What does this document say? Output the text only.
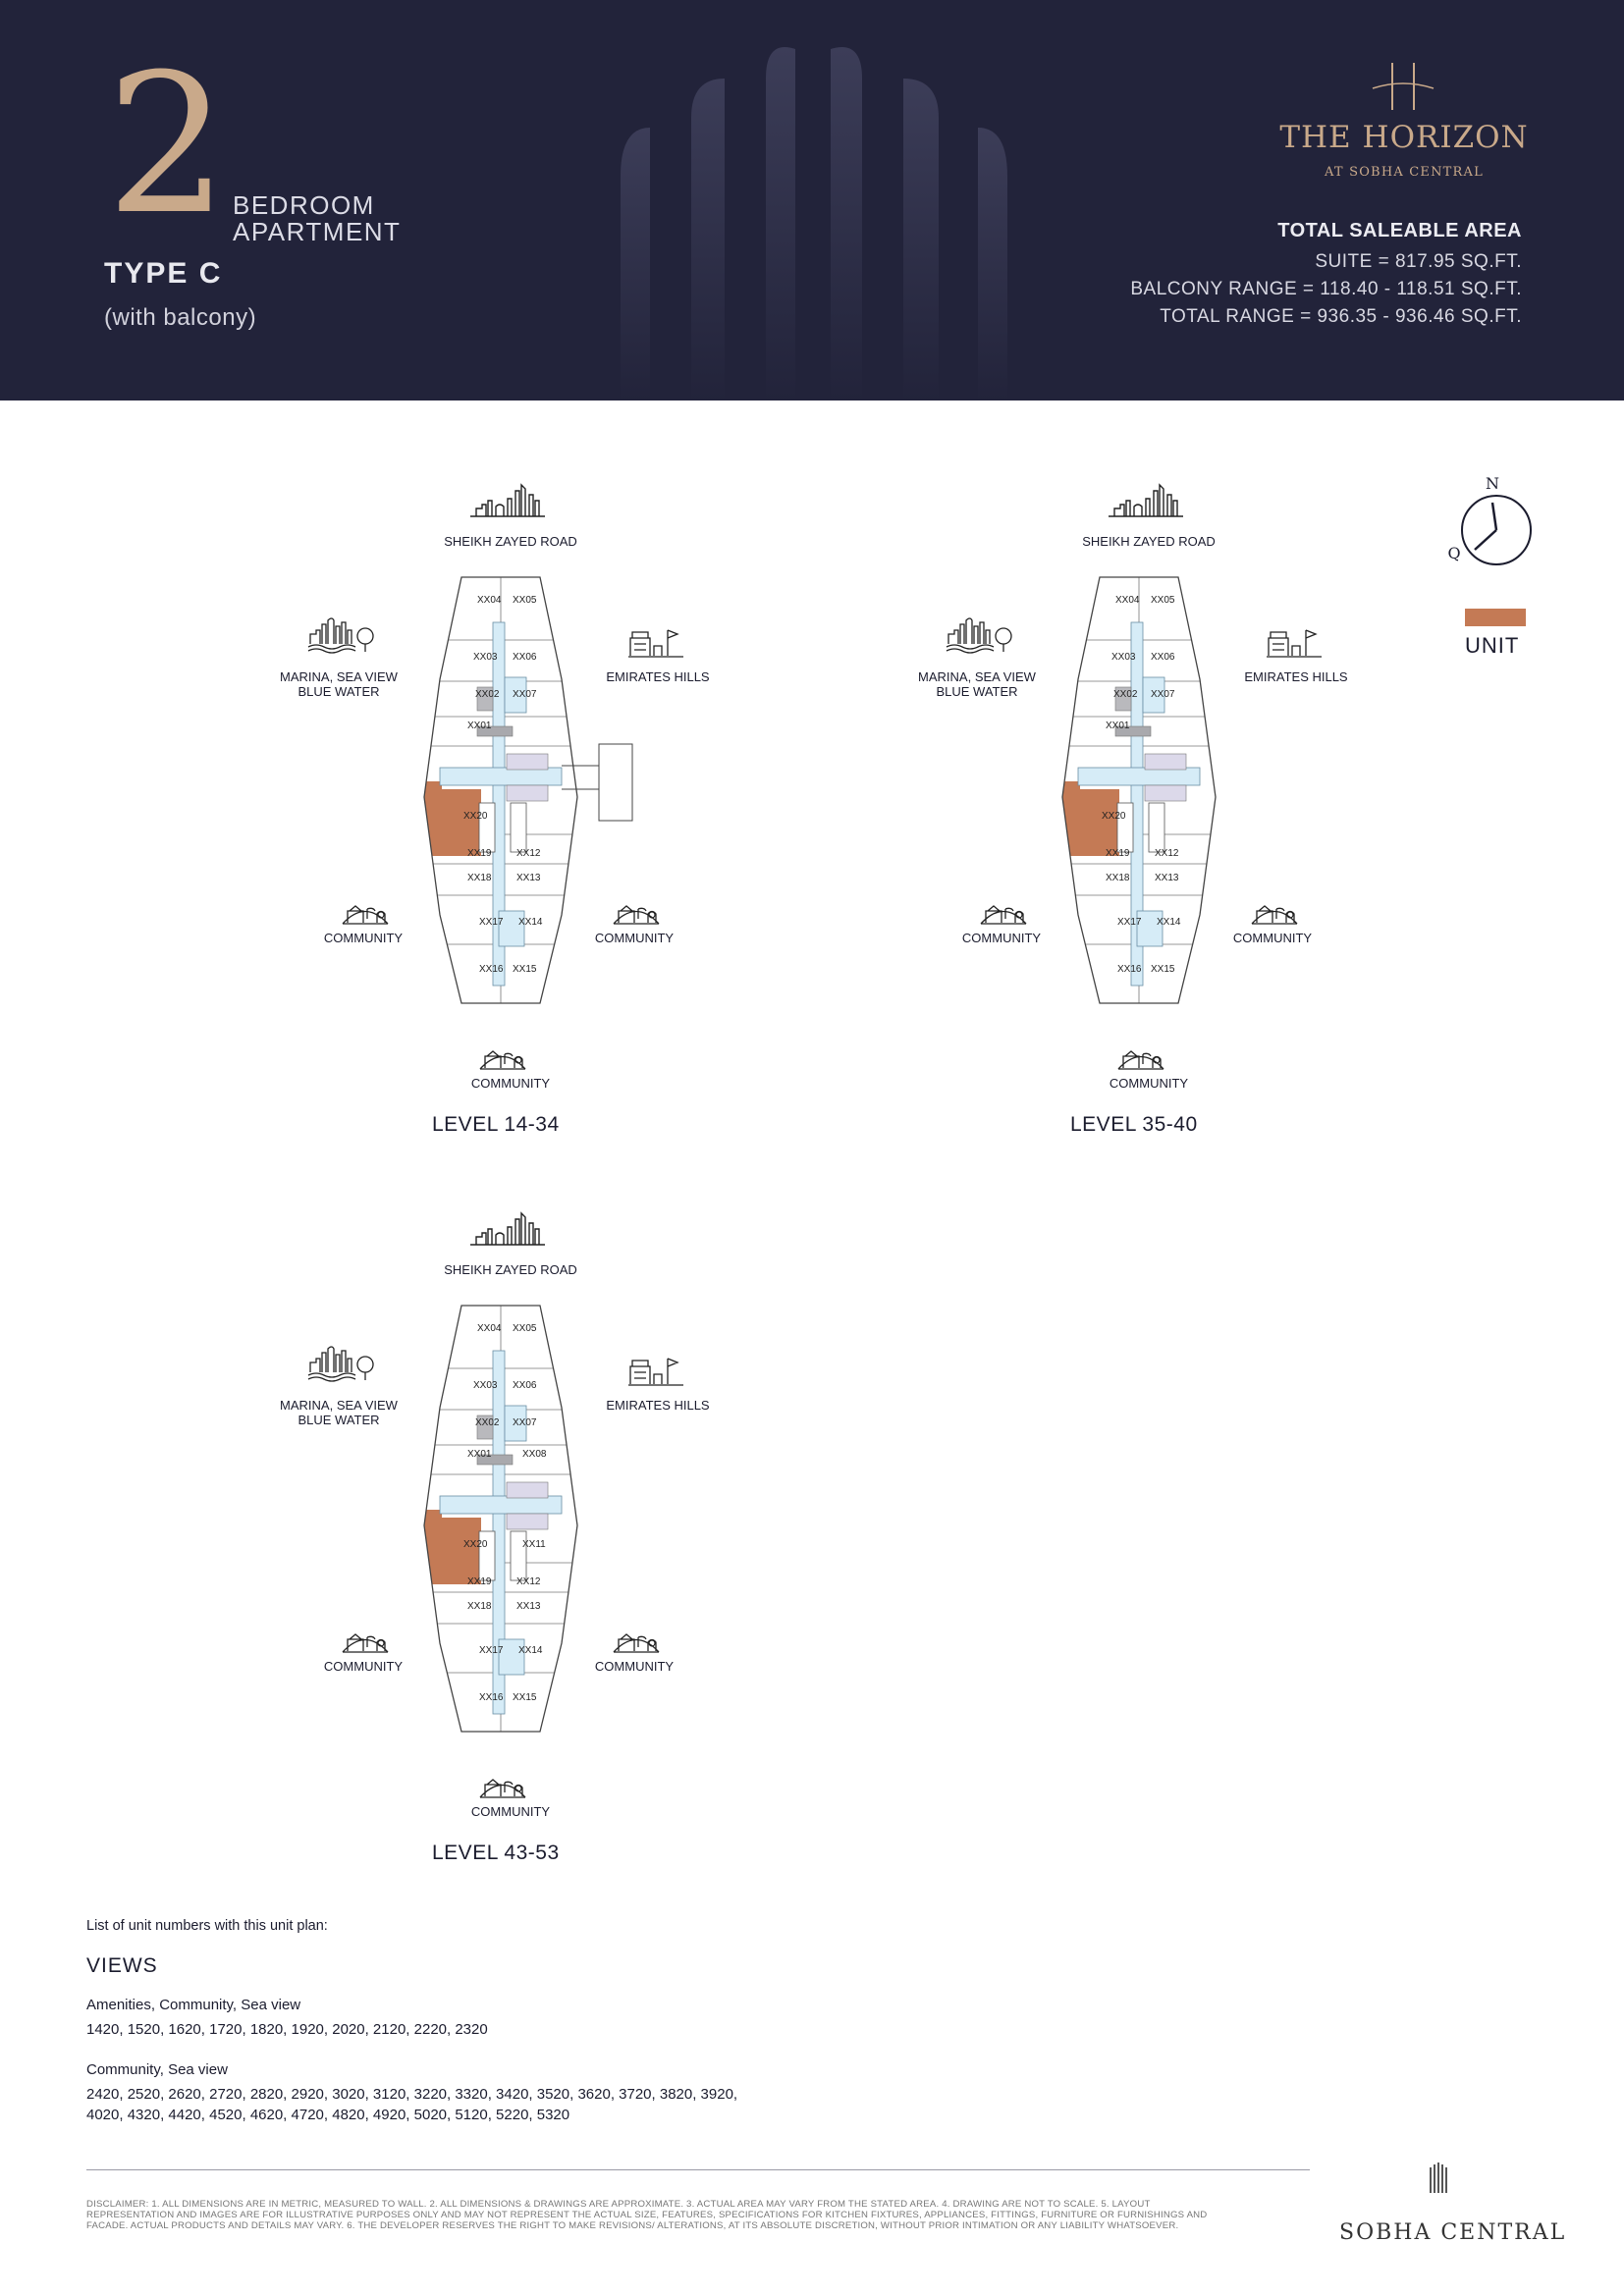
2 BEDROOM
APARTMENT
TYPE C
(with balcony)
THE HORIZON
AT SOBHA CENTRAL
TOTAL SALEABLE AREA
SUITE = 817.95 SQ.FT.
BALCONY RANGE = 118.40 - 118.51 SQ.FT.
TOTAL RANGE = 936.35 - 936.46 SQ.FT.
N
Q
UNIT
SHEIKH ZAYED ROAD
MARINA, SEA VIEW
BLUE WATER
EMIRATES HILLS
COMMUNITY	COMMUNITY
COMMUNITY
LEVEL 14-34
XX04 XX05
XX03 XX06
XX02 XX07
XX01
XX20
XX19	XX12
XX18	XX13
XX17 XX14
XX16 XX15
SHEIKH ZAYED ROAD
MARINA, SEA VIEW
BLUE WATER
EMIRATES HILLS
COMMUNITY	COMMUNITY
COMMUNITY
LEVEL 35-40
XX04 XX05
XX03 XX06
XX02 XX07
XX01
XX20
XX19	XX12
XX18	XX13
XX17 XX14
XX16 XX15
SHEIKH ZAYED ROAD
MARINA, SEA VIEW
BLUE WATER
EMIRATES HILLS
COMMUNITY	COMMUNITY
COMMUNITY
LEVEL 43-53
XX04 XX05
XX03 XX06
XX02 XX07
XX01	XX08
XX20	XX11
XX19	XX12
XX18	XX13
XX17 XX14
XX16 XX15
List of unit numbers with this unit plan:
VIEWS
Amenities, Community, Sea view
1420, 1520, 1620, 1720, 1820, 1920, 2020, 2120, 2220, 2320
Community, Sea view
2420, 2520, 2620, 2720, 2820, 2920, 3020, 3120, 3220, 3320, 3420, 3520, 3620, 3720, 3820, 3920,
4020, 4320, 4420, 4520, 4620, 4720, 4820, 4920, 5020, 5120, 5220, 5320
DISCLAIMER: 1. ALL DIMENSIONS ARE IN METRIC, MEASURED TO WALL. 2. ALL DIMENSIONS & DRAWINGS ARE APPROXIMATE. 3. ACTUAL AREA MAY VARY FROM THE STATED AREA. 4. DRAWING ARE NOT TO SCALE. 5. LAYOUT
REPRESENTATION AND IMAGES ARE FOR ILLUSTRATIVE PURPOSES ONLY AND MAY NOT REPRESENT THE ACTUAL SIZE, FEATURES, SPECIFICATIONS FOR KITCHEN FIXTURES, APPLIANCES, FITTINGS, FURNITURE OR FURNISHINGS AND
FACADE. ACTUAL PRODUCTS AND DETAILS MAY VARY. 6. THE DEVELOPER RESERVES THE RIGHT TO MAKE REVISIONS/ ALTERATIONS, AT ITS ABSOLUTE DISCRETION, WITHOUT PRIOR INTIMATION OR ANY LIABILITY WHATSOEVER.	SOBHA CENTRAL
